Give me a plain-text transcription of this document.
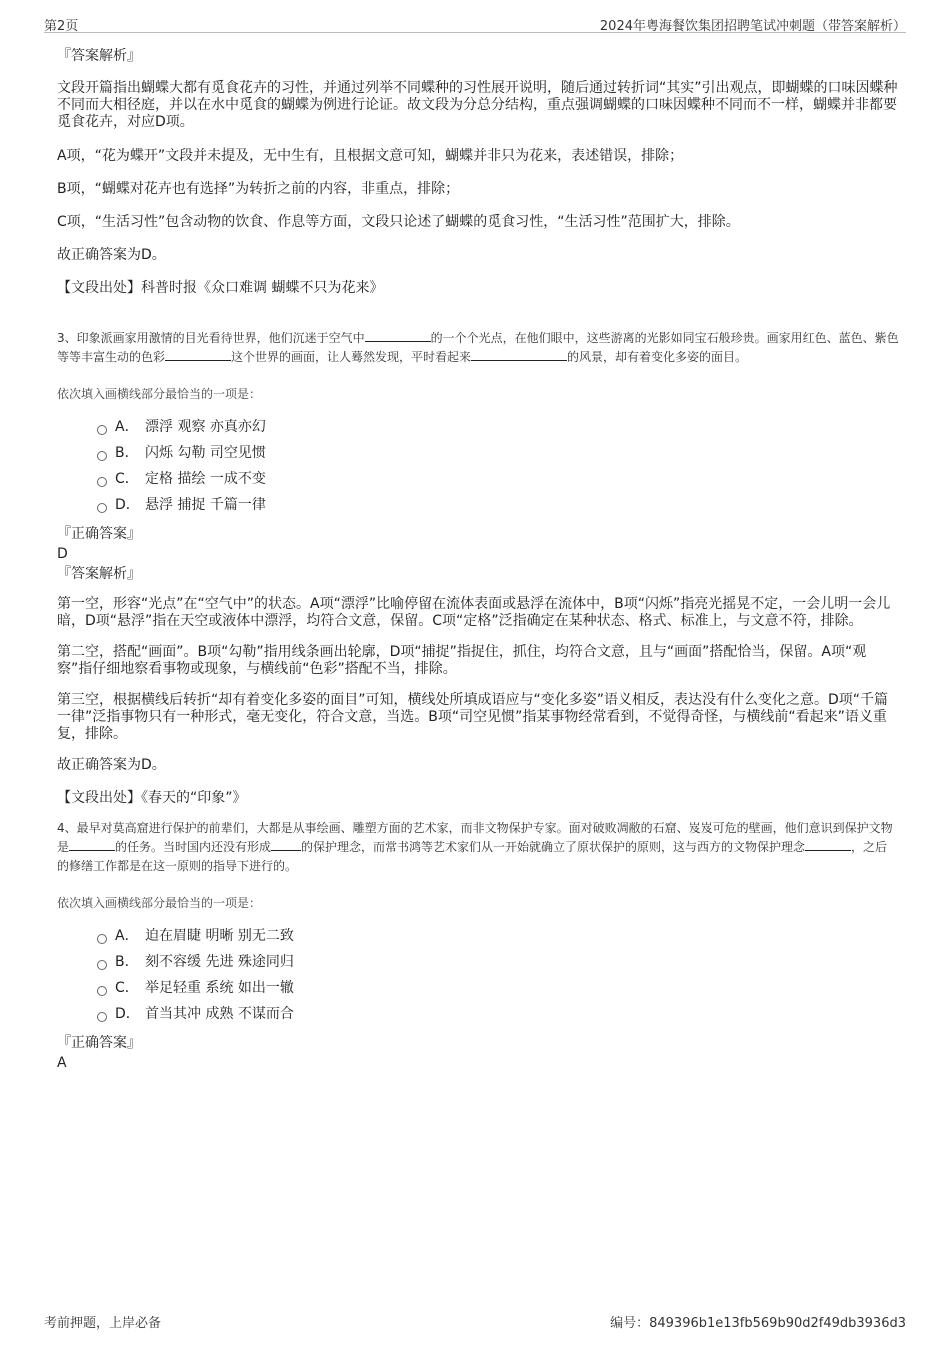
第2页	2024年粤海餐饮集团招聘笔试冲刺题（带答案解析）

『答案解析』

文段开篇指出蝴蝶大都有觅食花卉的习性，并通过列举不同蝶种的习性展开说明，随后通过转折词“其实”引出观点，即蝴蝶的口味因蝶种不同而大相径庭，并以在水中觅食的蝴蝶为例进行论证。故文段为分总分结构，重点强调蝴蝶的口味因蝶种不同而不一样，蝴蝶并非都要觅食花卉，对应D项。

A项，“花为蝶开”文段并未提及，无中生有，且根据文意可知，蝴蝶并非只为花来，表述错误，排除；

B项，“蝴蝶对花卉也有选择”为转折之前的内容，非重点，排除；

C项，“生活习性”包含动物的饮食、作息等方面，文段只论述了蝴蝶的觅食习性，“生活习性”范围扩大，排除。

故正确答案为D。

【文段出处】科普时报《众口难调 蝴蝶不只为花来》

3、印象派画家用激情的目光看待世界，他们沉迷于空气中	的一个个光点，在他们眼中，这些游离的光影如同宝石般珍贵。画家用红色、蓝色、紫色等等丰富生动的色彩	这个世界的画面，让人蓦然发现，平时看起来	的风景，却有着变化多姿的面目。

依次填入画横线部分最恰当的一项是：

A． 漂浮 观察 亦真亦幻
B． 闪烁 勾勒 司空见惯
C． 定格 描绘 一成不变
D． 悬浮 捕捉 千篇一律

『正确答案』

D

『答案解析』

第一空，形容“光点”在“空气中”的状态。A项“漂浮”比喻停留在流体表面或悬浮在流体中，B项“闪烁”指亮光摇晃不定，一会儿明一会儿暗，D项“悬浮”指在天空或液体中漂浮，均符合文意，保留。C项“定格”泛指确定在某种状态、格式、标准上，与文意不符，排除。

第二空，搭配“画面”。B项“勾勒”指用线条画出轮廓，D项“捕捉”指捉住，抓住，均符合文意，且与“画面”搭配恰当，保留。A项“观察”指仔细地察看事物或现象，与横线前“色彩”搭配不当，排除。

第三空，根据横线后转折“却有着变化多姿的面目”可知，横线处所填成语应与“变化多姿”语义相反，表达没有什么变化之意。D项“千篇一律”泛指事物只有一种形式，毫无变化，符合文意，当选。B项“司空见惯”指某事物经常看到，不觉得奇怪，与横线前“看起来”语义重复，排除。

故正确答案为D。

【文段出处】《春天的“印象”》

4、最早对莫高窟进行保护的前辈们，大都是从事绘画、雕塑方面的艺术家，而非文物保护专家。面对破败凋敝的石窟、岌岌可危的壁画，他们意识到保护文物是	的任务。当时国内还没有形成	的保护理念，而常书鸿等艺术家们从一开始就确立了原状保护的原则，这与西方的文物保护理念	，之后的修缮工作都是在这一原则的指导下进行的。

依次填入画横线部分最恰当的一项是：

A． 迫在眉睫 明晰 别无二致
B． 刻不容缓 先进 殊途同归
C． 举足轻重 系统 如出一辙
D． 首当其冲 成熟 不谋而合

『正确答案』

A

考前押题，上岸必备	编号：849396b1e13fb569b90d2f49db3936d3
